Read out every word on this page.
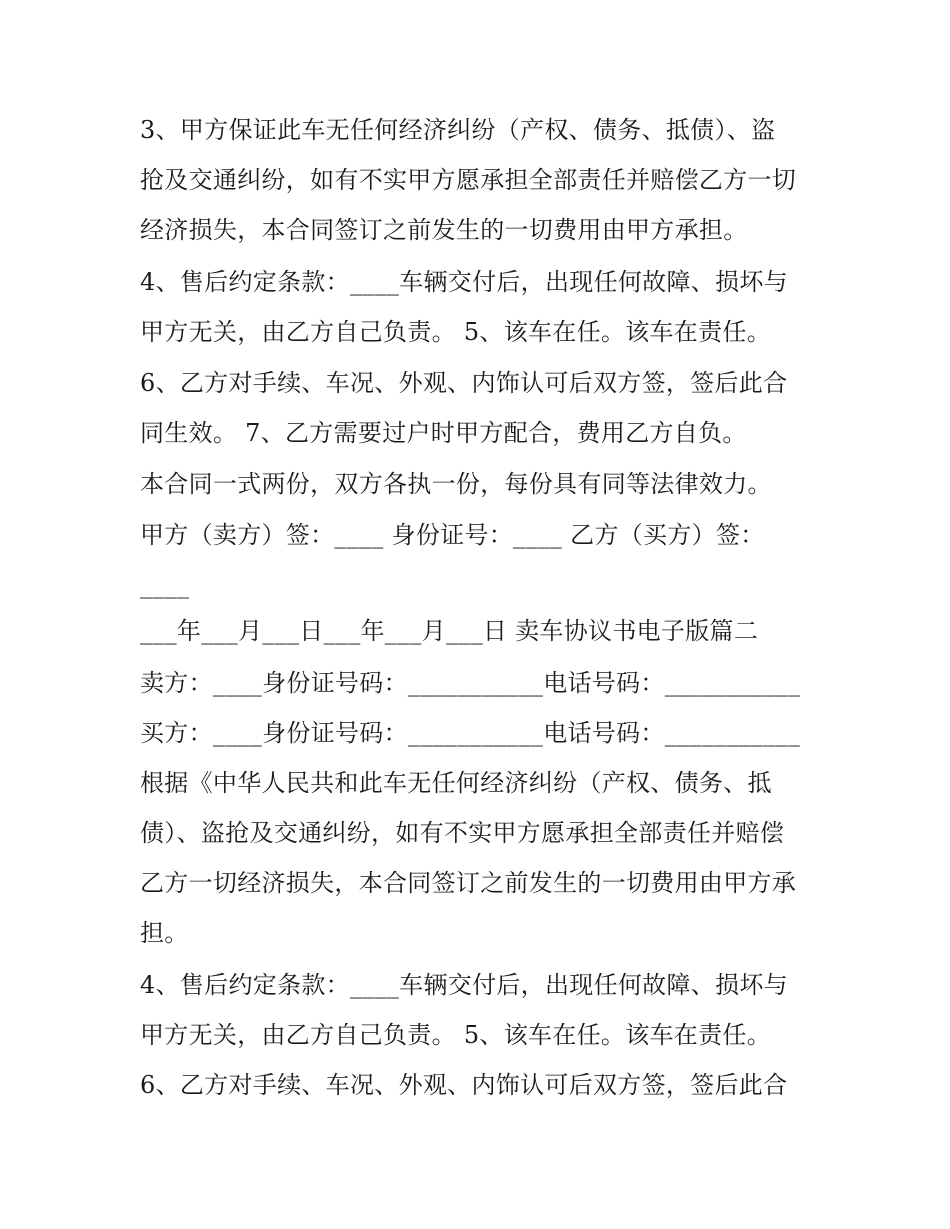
3、甲方保证此车无任何经济纠纷（产权、债务、抵债）、盗
抢及交通纠纷，如有不实甲方愿承担全部责任并赔偿乙方一切
经济损失，本合同签订之前发生的一切费用由甲方承担。
4、售后约定条款：____车辆交付后，出现任何故障、损坏与
甲方无关，由乙方自己负责。 5、该车在任。该车在责任。
6、乙方对手续、车况、外观、内饰认可后双方签，签后此合
同生效。 7、乙方需要过户时甲方配合，费用乙方自负。
本合同一式两份，双方各执一份，每份具有同等法律效力。
甲方（卖方）签：____ 身份证号：____ 乙方（买方）签：
____
___年___月___日___年___月___日 卖车协议书电子版篇二
卖方：____身份证号码：___________电话号码：___________
买方：____身份证号码：___________电话号码：___________
根据《中华人民共和此车无任何经济纠纷（产权、债务、抵
债）、盗抢及交通纠纷，如有不实甲方愿承担全部责任并赔偿
乙方一切经济损失，本合同签订之前发生的一切费用由甲方承
担。
4、售后约定条款：____车辆交付后，出现任何故障、损坏与
甲方无关，由乙方自己负责。 5、该车在任。该车在责任。
6、乙方对手续、车况、外观、内饰认可后双方签，签后此合
